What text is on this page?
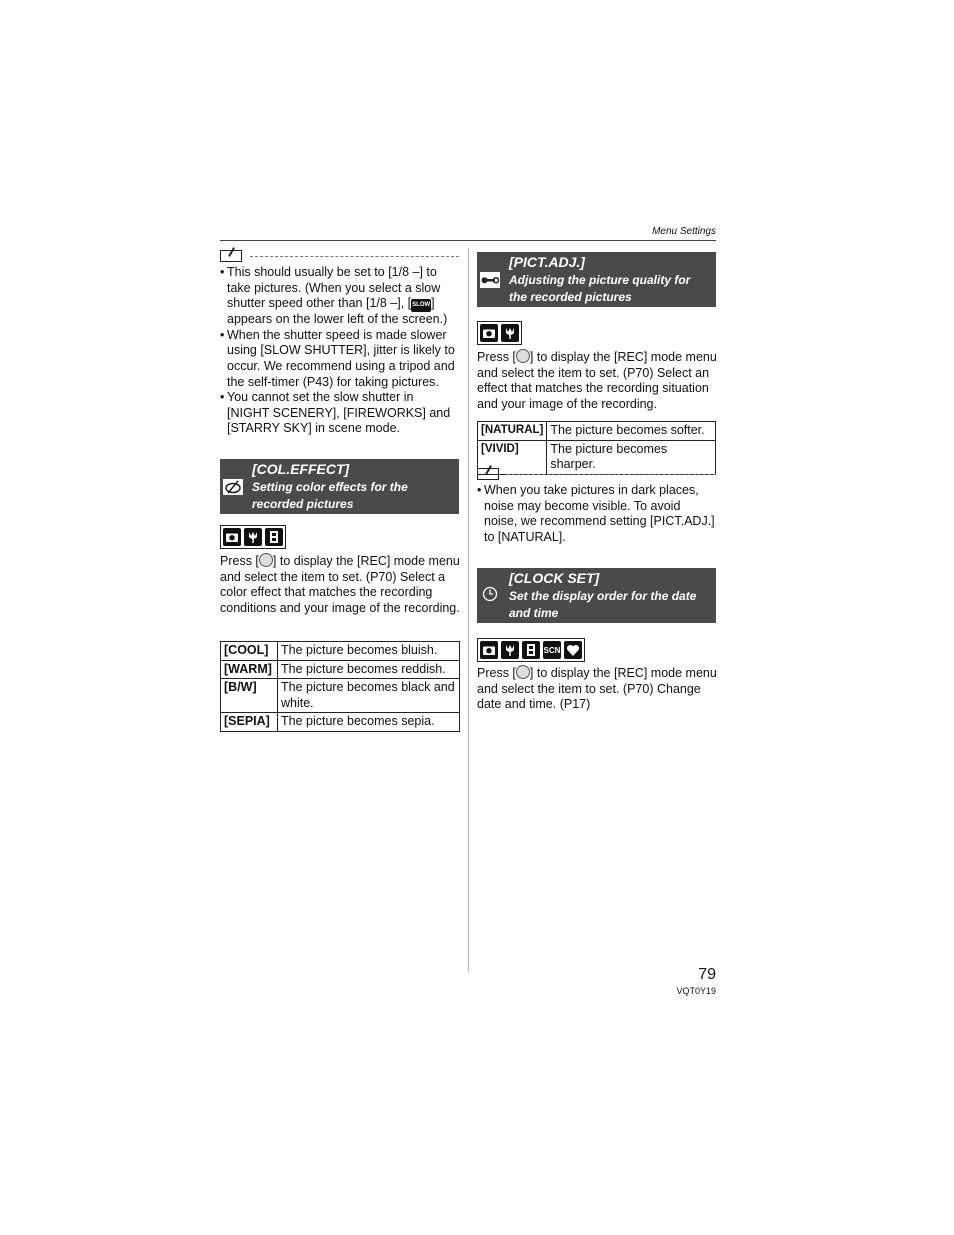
Menu Settings
• This should usually be set to [1/8 –] to take pictures. (When you select a slow shutter speed other than [1/8 –], [SLOW] appears on the lower left of the screen.)
• When the shutter speed is made slower using [SLOW SHUTTER], jitter is likely to occur. We recommend using a tripod and the self-timer (P43) for taking pictures.
• You cannot set the slow shutter in [NIGHT SCENERY], [FIREWORKS] and [STARRY SKY] in scene mode.
[COL.EFFECT]
Setting color effects for the recorded pictures
Press [ ] to display the [REC] mode menu and select the item to set. (P70) Select a color effect that matches the recording conditions and your image of the recording.
[COOL]	The picture becomes bluish.
[WARM]	The picture becomes reddish.
[B/W]	The picture becomes black and white.
[SEPIA]	The picture becomes sepia.
[PICT.ADJ.]
Adjusting the picture quality for the recorded pictures
Press [ ] to display the [REC] mode menu and select the item to set. (P70) Select an effect that matches the recording situation and your image of the recording.
[NATURAL]	The picture becomes softer.
[VIVID]	The picture becomes sharper.
• When you take pictures in dark places, noise may become visible. To avoid noise, we recommend setting [PICT.ADJ.] to [NATURAL].
[CLOCK SET]
Set the display order for the date and time
SCN
Press [ ] to display the [REC] mode menu and select the item to set. (P70) Change date and time. (P17)
79
VQT0Y19
